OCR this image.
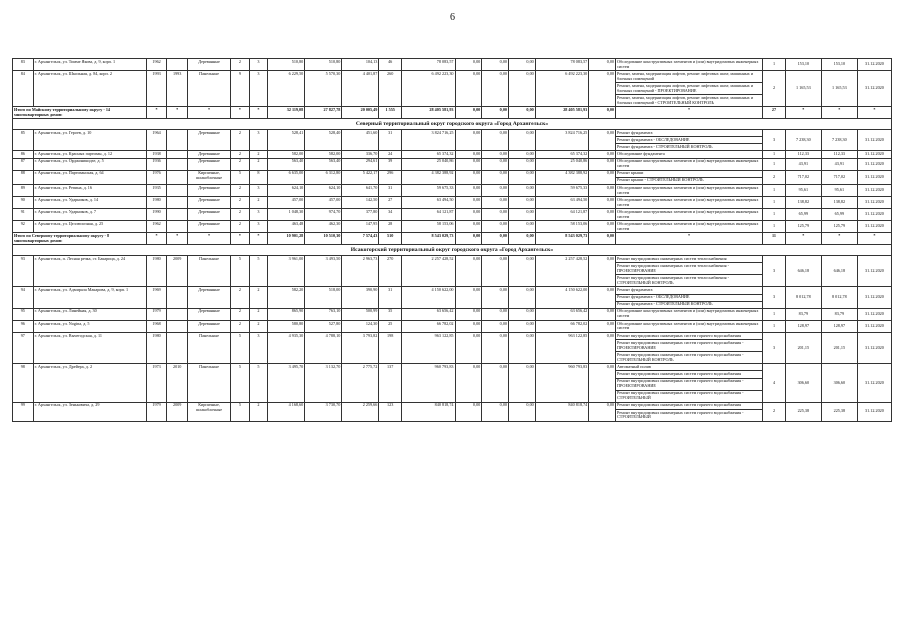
6
83	г. Архангельск, ул. Тимме Якова, д. 9, корп. 1	1962		Деревянные	2	3	510,80	510,80	104,13	46	78 083,57	0,00	0,00	0,00	78 083,57	0,00	Обследование конструктивных элементов и (или) внутридомовых инженерных систем	1	153,10	153,10	31.12.2020
84	г. Архангельск, ул. Школьная, д. 84, корп. 2	1993	1993	Панельные	9	3	6 229,50	5 570,30	4 401,87	260	6 492 223,30	0,00	0,00	0,00	6 492 223,30	0,00	Ремонт, замена, модернизация лифтов, ремонт лифтовых шахт, машинных и блочных помещений	2	1 165,53	1 165,53	31.12.2020
																	Ремонт, замена, модернизация лифтов, ремонт лифтовых шахт, машинных и блочных помещений - ПРОЕКТИРОВАНИЕ				
																	Ремонт, замена, модернизация лифтов, ремонт лифтовых шахт, машинных и блочных помещений - СТРОИТЕЛЬНЫЙ КОНТРОЛЬ				
Итого по Майскому территориальному округу - 14 многоквартирных домов:		*	*	*	*	*	32 119,08	27 827,78	20 005,49	1 555	28 405 581,93	0,00	0,00	0,00	28 405 581,93	0,00	*	27	*	*	*
Северный территориальный округ городского округа «Город Архангельск»																					
85	г. Архангельск, ул. Героев, д. 10	1964		Деревянные	2	3	528,41	528,40	451,60	31	3 824 716,25	0,00	0,00	0,00	3 824 716,25	0,00	Ремонт фундамента	3	7 238,30	7 238,30	31.12.2020
																	Ремонт фундамента - ОБСЛЕДОВАНИЕ				
																	Ремонт фундамента - СТРОИТЕЛЬНЫЙ КОНТРОЛЬ				
86	г. Архангельск, ул. Красных партизан, д. 12	1938		Деревянные	2	2	582,00	582,00	336,70	24	65 374,32	0,00	0,00	0,00	65 374,32	0,00	Обследование фундамента	1	112,33	112,33	31.12.2020
87	г. Архангельск, ул. Орджоникидзе, д. 5	1936		Деревянные	2	2	563,40	563,40	294,61	39	25 040,86	0,00	0,00	0,00	25 040,86	0,00	Обследование конструктивных элементов и (или) внутридомовых инженерных систем	1	43,91	43,91	31.12.2020
88	г. Архангельск, ул. Партизанская, д. 64	1976		Кирпичные, шлакоблочные	5	8	6 635,00	6 312,80	5 422,17	296	4 382 388,92	0,00	0,00	0,00	4 382 388,92	0,00	Ремонт крыши	2	717,02	717,02	31.12.2020
																	Ремонт крыши - СТРОИТЕЛЬНЫЙ КОНТРОЛЬ				
89	г. Архангельск, ул. Репина, д. 16	1935		Деревянные	2	3	624,10	624,10	641,70	31	59 675,33	0,00	0,00	0,00	59 675,33	0,00	Обследование конструктивных элементов и (или) внутридомовых инженерных систем	1	95,61	95,61	31.12.2020
90	г. Архангельск, ул. Ударников, д. 14	1980		Деревянные	2	2	457,00	457,00	142,50	27	63 494,50	0,00	0,00	0,00	63 494,50	0,00	Обследование конструктивных элементов и (или) внутридомовых инженерных систем	1	138,82	138,82	31.12.2020
91	г. Архангельск, ул. Ударников, д. 7	1990		Деревянные	2	3	1 048,30	974,70	377,80	34	64 121,87	0,00	0,00	0,00	64 121,87	0,00	Обследование конструктивных элементов и (или) внутридомовых инженерных систем	1	65,99	65,99	31.12.2020
92	г. Архангельск, ул. Целлюлозная, д. 25	1962		Деревянные	2	3	463,48	462,30	147,95	28	58 153,06	0,00	0,00	0,00	58 153,06	0,00	Обследование конструктивных элементов и (или) внутридомовых инженерных систем	1	125,79	125,79	31.12.2020
Итого по Северному территориальному округу - 8 многоквартирных домов:		*	*	*	*	*	10 901,28	10 510,30	7 574,43	510	8 543 029,73	0,00	0,00	0,00	8 543 029,73	0,00	*	11	*	*	*
Исакогорский территориальный округ городского округа «Город Архангельск»																					
93	г. Архангельск, п. Лесная речка, ст. Бакарица, д. 24	1980	2009	Панельные	5	5	3 961,00	3 493,50	2 963,73	270	2 257 428,52	0,00	0,00	0,00	2 257 428,52	0,00	Ремонт внутридомовых инженерных систем теплоснабжения	3	646,18	646,18	31.12.2020
																	Ремонт внутридомовых инженерных систем теплоснабжения - ПРОЕКТИРОВАНИЕ				
																	Ремонт внутридомовых инженерных систем теплоснабжения - СТРОИТЕЛЬНЫЙ КОНТРОЛЬ				
94	г. Архангельск, ул. Адмирала Макарова, д. 9, корп. 1	1969		Деревянные	2	2	582,20	518,00	390,90	31	4 150 622,00	0,00	0,00	0,00	4 150 622,00	0,00	Ремонт фундамента	3	8 012,78	8 012,78	31.12.2020
																	Ремонт фундамента - ОБСЛЕДОВАНИЕ				
																	Ремонт фундамента - СТРОИТЕЛЬНЫЙ КОНТРОЛЬ				
95	г. Архангельск, ул. Линейная, д. 30	1979		Деревянные	2	2	865,90	763,10	500,99	35	63 656,42	0,00	0,00	0,00	63 656,42	0,00	Обследование конструктивных элементов и (или) внутридомовых инженерных систем	1	83,79	83,79	31.12.2020
96	г. Архангельск, ул. Nogina, д. 5	1968		Деревянные	2	2	580,80	527,80	124,30	25	66 782,02	0,00	0,00	0,00	66 782,02	0,00	Обследование конструктивных элементов и (или) внутридомовых инженерных систем	1	128,97	128,97	31.12.2020
97	г. Архангельск, ул. Вычегодская, д. 11	1980		Панельные	5	3	4 935,30	4 788,10	3 793,82	198	963 122,85	0,00	0,00	0,00	963 122,85	0,00	Ремонт внутридомовых инженерных систем горячего водоснабжения	3	201,15	201,15	31.12.2020
																	Ремонт внутридомовых инженерных систем горячего водоснабжения - ПРОЕКТИРОВАНИЕ				
																	Ремонт внутридомовых инженерных систем горячего водоснабжения - СТРОИТЕЛЬНЫЙ КОНТРОЛЬ				
98	г. Архангельск, ул. Дрейера, д. 2	1973	2010	Панельные	5	5	3 495,70	3 132,70	2 775,72	137	960 793,83	0,00	0,00	0,00	960 793,83	0,00	Автоматный полив	4	306,60	306,60	31.12.2020
																	Ремонт внутридомовых инженерных систем горячего водоснабжения				
																	Ремонт внутридомовых инженерных систем горячего водоснабжения - ПРОЕКТИРОВАНИЕ				
																	Ремонт внутридомовых инженерных систем горячего водоснабжения - СТРОИТЕЛЬНЫЙ				
99	г. Архангельск, ул. Зеньковича, д. 29	1979	2009	Кирпичные, шлакоблочные	5	2	4 168,60	3 730,70	2 259,66	123	840 818,74	0,00	0,00	0,00	840 818,74	0,00	Ремонт внутридомовых инженерных систем горячего водоснабжения	2	225,38	225,38	31.12.2020
																	Ремонт внутридомовых инженерных систем горячего водоснабжения - СТРОИТЕЛЬНЫЙ				
